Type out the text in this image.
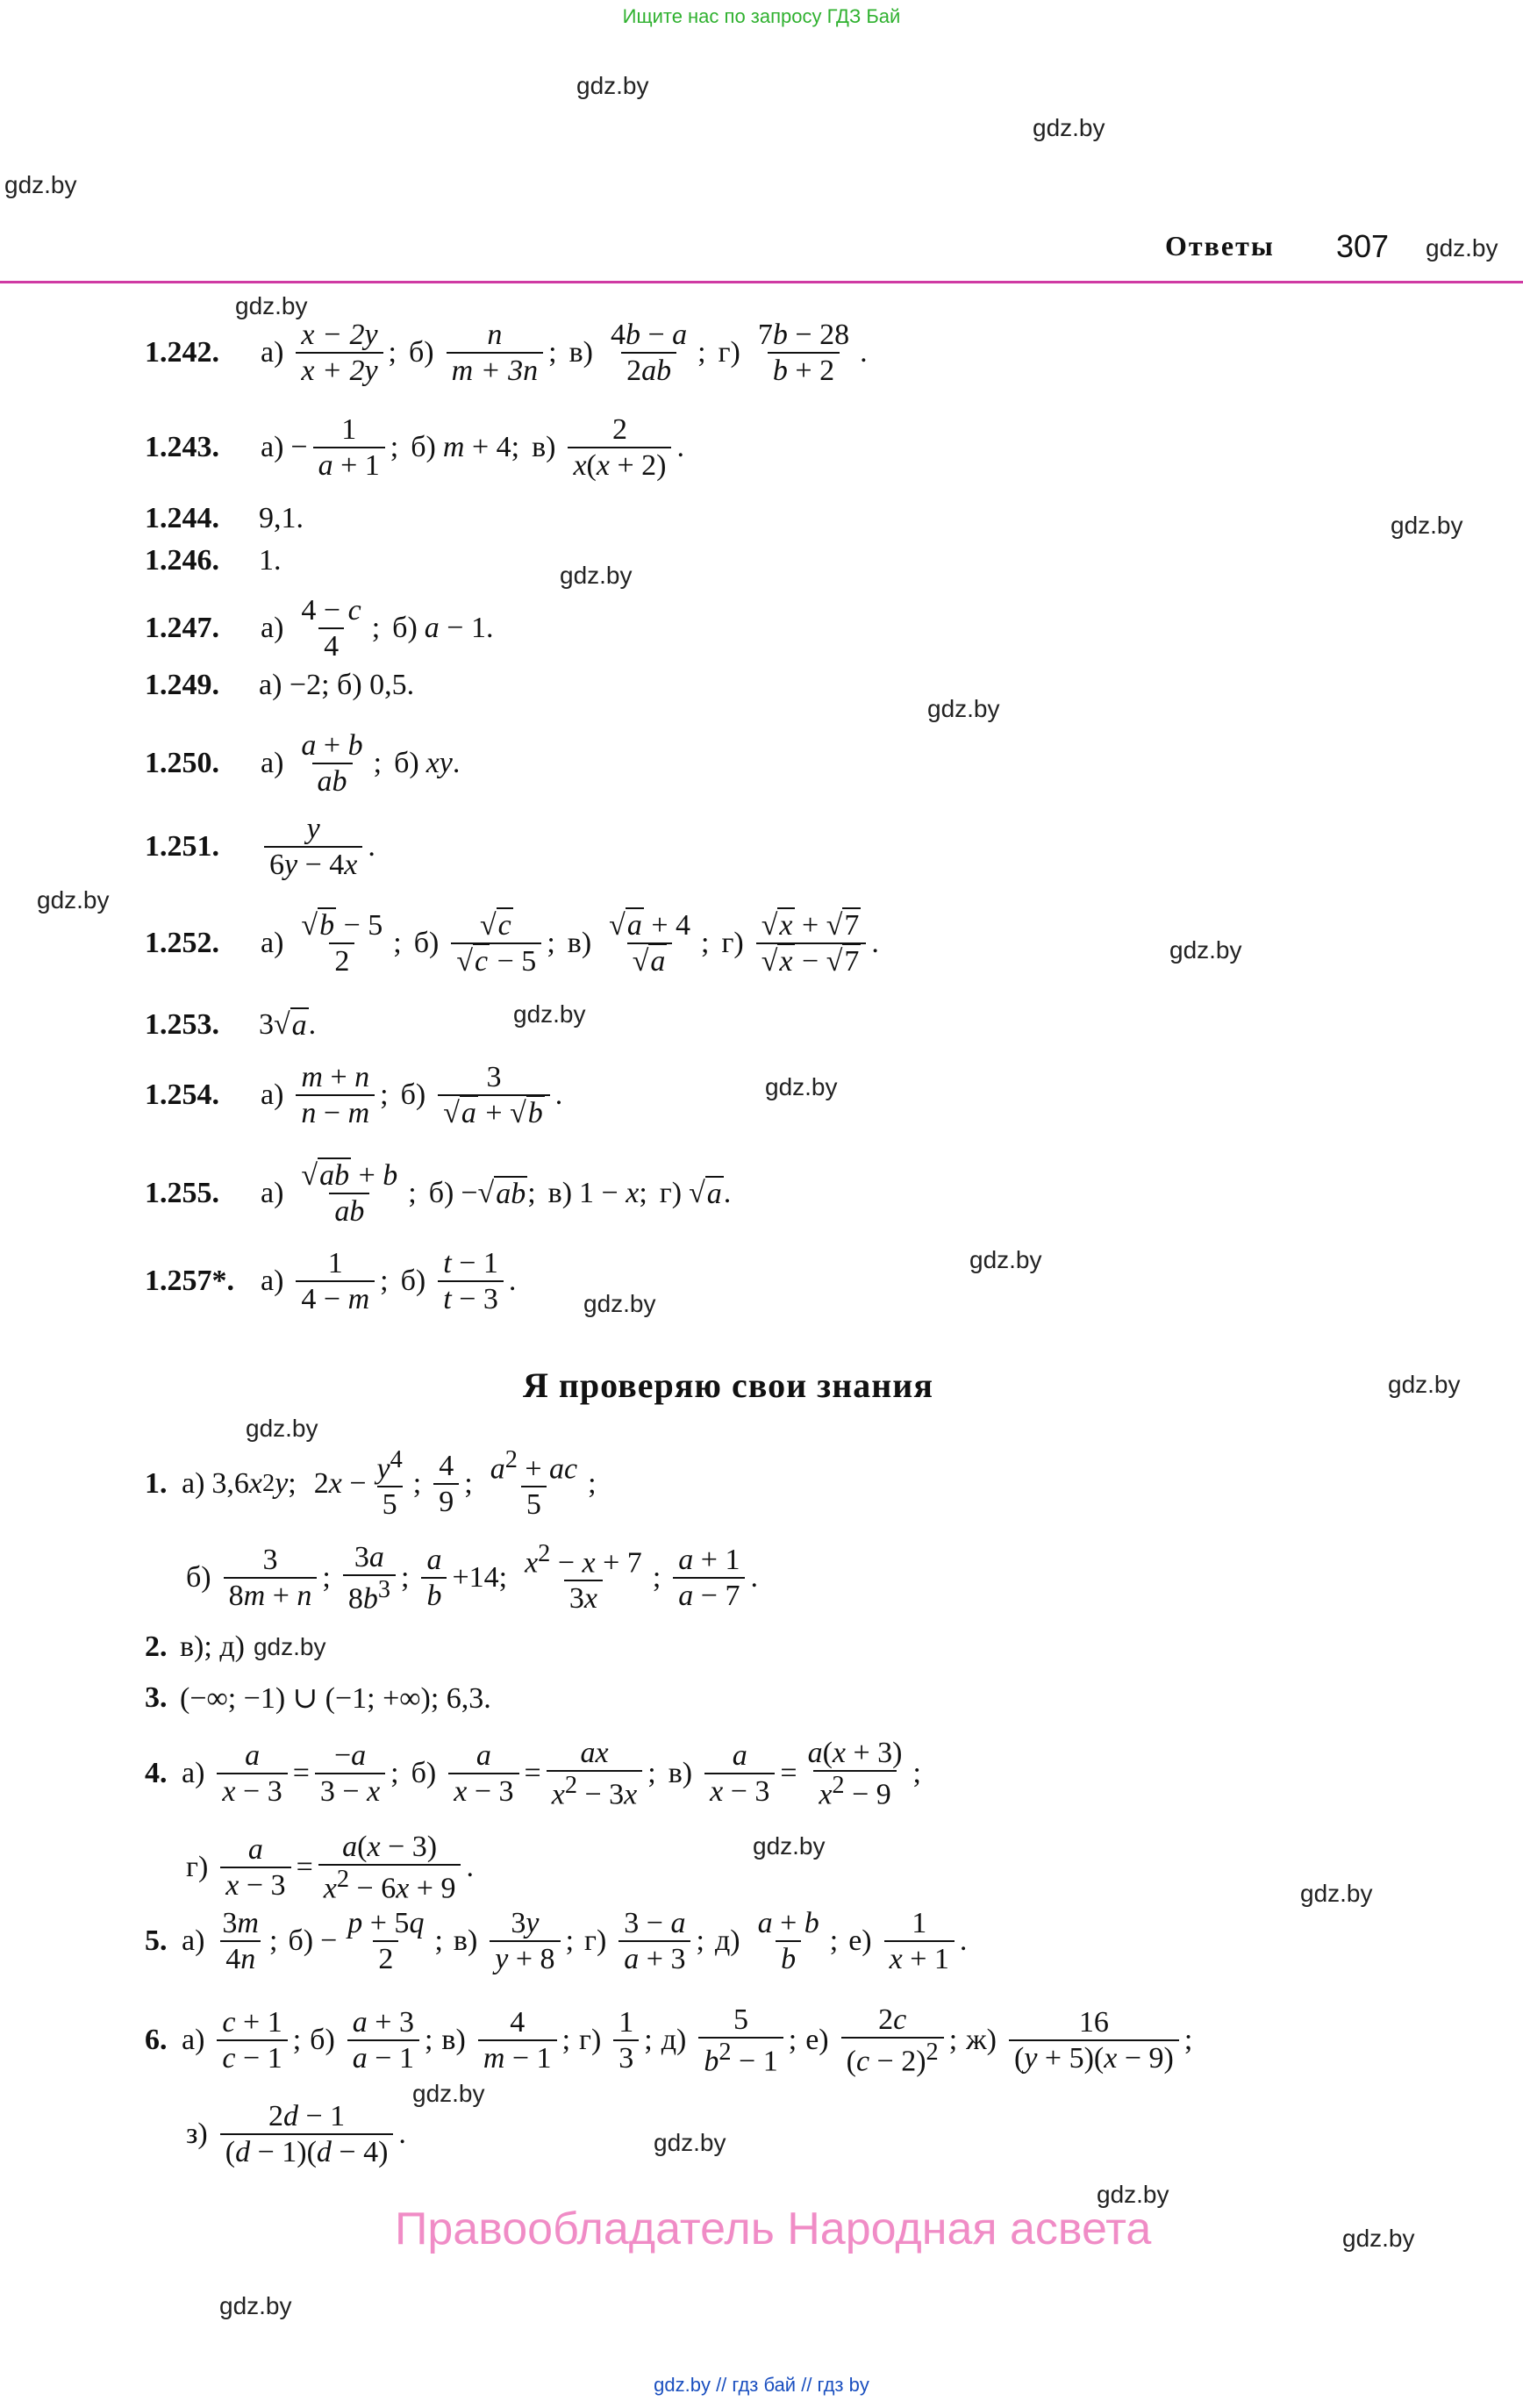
Ищите нас по запросу ГДЗ Бай
gdz.by
gdz.by
gdz.by
gdz.by
gdz.by
gdz.by
gdz.by
gdz.by
gdz.by
gdz.by
gdz.by
gdz.by
gdz.by
gdz.by
gdz.by
gdz.by
gdz.by
gdz.by
gdz.by
gdz.by
gdz.by
gdz.by
gdz.by
Ответы 307
1.242.	$а) \frac{x - 2y}{x + 2y}$ ; $б) \frac{n}{m + 3n}$ ; $в) \frac{4b - a}{2ab}$ ; $г) \frac{7b - 28}{b + 2}$ .
1.243.	$а) - \frac{1}{a + 1}$ ; б) m + 4; $в) \frac{2}{x(x + 2)}$ .
1.244.	9,1.
1.246.	1.
1.247.	$а) \frac{4 - c}{4}$ ; б) a − 1.
1.249.	а) −2; б) 0,5.
1.250.	$а) \frac{a + b}{ab}$ ; б) xy .
1.251.	$\frac{y}{6y - 4x}$ .
1.252.	$а) \frac{√b - 5}{2}$ ; $б) \frac{√c}{√c - 5}$ ; $в) \frac{√a + 4}{√a}$ ; $г) \frac{√x + √7}{√x - √7}$ .
1.253.	3√ a .
1.254.	$а) \frac{m + n}{n - m}$ ; $б) \frac{3}{√a + √b}$ .
1.255.	$а) \frac{√ab + b}{ab}$ ; б) −√ ab ; в) 1 − x ; г) √ a .
1.257*. $а) \frac{1}{4 - m}$ ; $б) \frac{t - 1}{t - 3}$ .
Я проверяю свои знания
1. а) 3,6 x 2 y ; $2x - \frac{y^4}{5}$ ; $\frac{4}{9}$ ; $\frac{a^2 + ac}{5}$ ;
$б) \frac{3}{8m + n}$ ; $\frac{3a}{8b^3}$ ; $\frac{a}{b} +14$; $\frac{x^2 - x + 7}{3x}$ ; $\frac{a + 1}{a - 7}$ .
2. в); д) gdz.by
3. (−∞; −1) ∪ (−1; +∞); 6,3.
4. $а) \frac{a}{x - 3} = \frac{-a}{3 - x}$ ; $б) \frac{a}{x - 3} = \frac{ax}{x^2 - 3x}$ ; $в) \frac{a}{x - 3} = \frac{a(x + 3)}{x^2 - 9}$ ;
$г) \frac{a}{x - 3} = \frac{a(x - 3)}{x^2 - 6x + 9}$ .
5. $а) \frac{3m}{4n}$ ; $б) - \frac{p + 5q}{2}$ ; $в) \frac{3y}{y + 8}$ ; $г) \frac{3 - a}{a + 3}$ ; $д) \frac{a + b}{b}$ ; $е) \frac{1}{x + 1}$ .
6. $а) \frac{c + 1}{c - 1}$ ; $б) \frac{a + 3}{a - 1}$ ; $в) \frac{4}{m - 1}$ ; $г) \frac{1}{3}$ ; $д) \frac{5}{b^2 - 1}$ ; $е) \frac{2c}{(c - 2)^2}$ ; $ж) \frac{16}{(y + 5)(x - 9)}$ ;
$з) \frac{2d - 1}{(d - 1)(d - 4)}$ .
Правообладатель Народная асвета
gdz.by // гдз бай // гдз by
